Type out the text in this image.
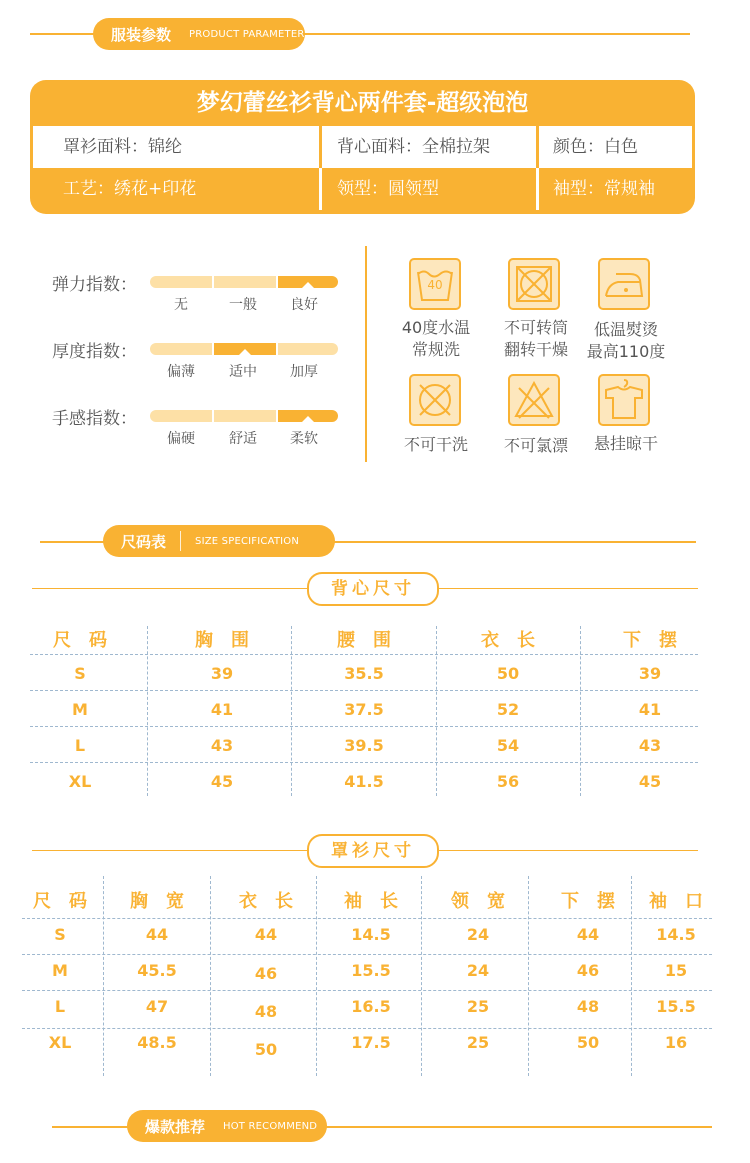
服装参数 PRODUCT PARAMETER
梦幻蕾丝衫背心两件套-超级泡泡
罩衫面料：锦纶	背心面料：全棉拉架	颜色：白色
工艺：绣花+印花	领型：圆领型	袖型：常规袖
弹力指数：
无	一般	良好
厚度指数：
偏薄	适中	加厚
手感指数：
偏硬	舒适	柔软
40
40度水温
常规洗
不可转筒
翻转干燥
低温熨烫
最高110度
不可干洗	不可氯漂	悬挂晾干
尺码表	SIZE SPECIFICATION
背心尺寸
尺　码	胸　围	腰　围	衣　长	下　摆
S	39	35.5	50	39
M	41	37.5	52	41
L	43	39.5	54	43
XL	45	41.5	56	45
罩衫尺寸
尺　码	胸　宽	衣　长	袖　长	领　宽	下　摆	袖　口
S	44	44	14.5	24	44	14.5
M	45.5	46	15.5	24	46	15
L	47	48	16.5	25	48	15.5
XL	48.5	50	17.5	25	50	16
爆款推荐 HOT RECOMMEND
